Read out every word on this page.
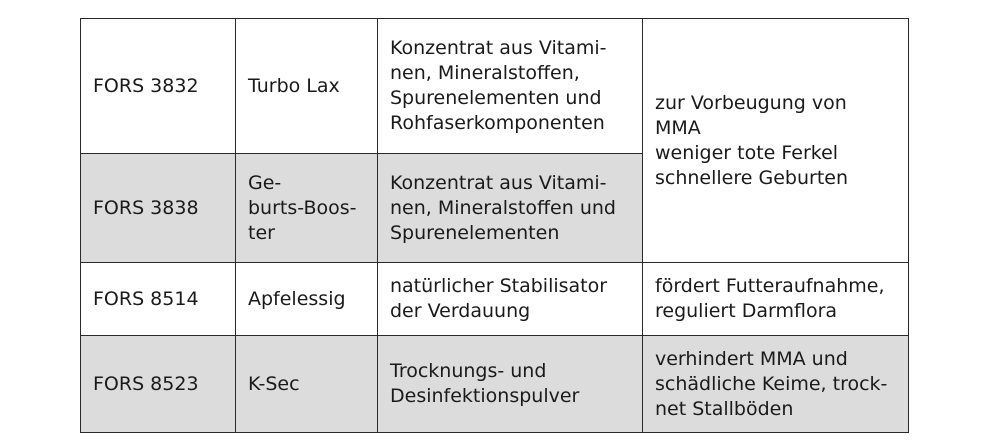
FORS 3832	Turbo Lax	Konzentrat aus Vitami-
nen, Mineralstoffen,
Spurenelementen und
Rohfaserkomponenten	zur Vorbeugung von MMA
weniger tote Ferkel
schnellere Geburten
FORS 3838	Ge-
burts-Boos-
ter	Konzentrat aus Vitami-
nen, Mineralstoffen und
Spurenelementen	
FORS 8514	Apfelessig	natürlicher Stabilisator
der Verdauung	fördert Futteraufnahme,
reguliert Darmflora
FORS 8523	K-Sec	Trocknungs- und
Desinfektionspulver	verhindert MMA und
schädliche Keime, trock-
net Stallböden
